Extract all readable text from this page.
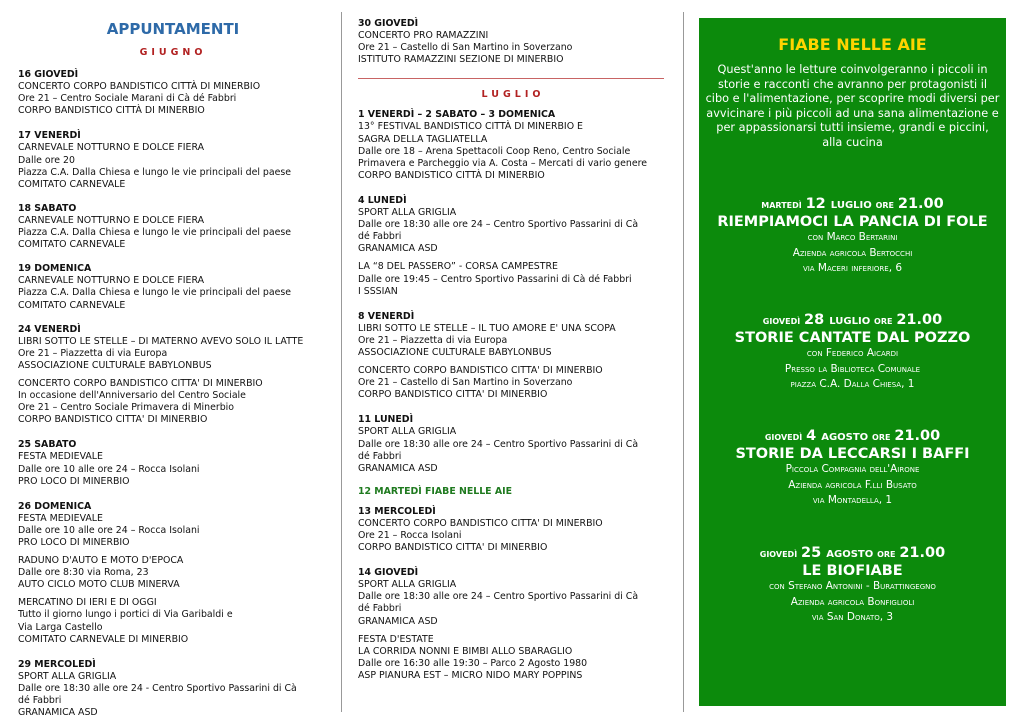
APPUNTAMENTI
GIUGNO
16 GIOVEDÌ
CONCERTO CORPO BANDISTICO CITTÀ DI MINERBIO
Ore 21 – Centro Sociale Marani di Cà dé Fabbri
CORPO BANDISTICO CITTÀ DI MINERBIO
17 VENERDÌ
CARNEVALE NOTTURNO E DOLCE FIERA
Dalle ore 20
Piazza C.A. Dalla Chiesa e lungo le vie principali del paese
COMITATO CARNEVALE
18 SABATO
CARNEVALE NOTTURNO E DOLCE FIERA
Piazza C.A. Dalla Chiesa e lungo le vie principali del paese
COMITATO CARNEVALE
19 DOMENICA
CARNEVALE NOTTURNO E DOLCE FIERA
Piazza C.A. Dalla Chiesa e lungo le vie principali del paese
COMITATO CARNEVALE
24 VENERDÌ
LIBRI SOTTO LE STELLE – DI MATERNO AVEVO SOLO IL LATTE
Ore 21 – Piazzetta di via Europa
ASSOCIAZIONE CULTURALE BABYLONBUS
CONCERTO CORPO BANDISTICO CITTA' DI MINERBIO
In occasione dell'Anniversario del Centro Sociale
Ore 21 – Centro Sociale Primavera di Minerbio
CORPO BANDISTICO CITTA' DI MINERBIO
25 SABATO
FESTA MEDIEVALE
Dalle ore 10 alle ore 24 – Rocca Isolani
PRO LOCO DI MINERBIO
26 DOMENICA
FESTA MEDIEVALE
Dalle ore 10 alle ore 24 – Rocca Isolani
PRO LOCO DI MINERBIO
RADUNO D'AUTO E MOTO D'EPOCA
Dalle ore 8:30 via Roma, 23
AUTO CICLO MOTO CLUB MINERVA
MERCATINO DI IERI E DI OGGI
Tutto il giorno lungo i portici di Via Garibaldi e
Via Larga Castello
COMITATO CARNEVALE DI MINERBIO
29 MERCOLEDÌ
SPORT ALLA GRIGLIA
Dalle ore 18:30 alle ore 24 - Centro Sportivo Passarini di Cà
dé Fabbri
GRANAMICA ASD
30 GIOVEDÌ
CONCERTO PRO RAMAZZINI
Ore 21 – Castello di San Martino in Soverzano
ISTITUTO RAMAZZINI SEZIONE DI MINERBIO
LUGLIO
1 VENERDÌ – 2 SABATO – 3 DOMENICA
13° FESTIVAL BANDISTICO CITTÀ DI MINERBIO E
SAGRA DELLA TAGLIATELLA
Dalle ore 18 – Arena Spettacoli Coop Reno, Centro Sociale
Primavera e Parcheggio via A. Costa – Mercati di vario genere
CORPO BANDISTICO CITTÀ DI MINERBIO
4 LUNEDÌ
SPORT ALLA GRIGLIA
Dalle ore 18:30 alle ore 24 – Centro Sportivo Passarini di Cà
dé Fabbri
GRANAMICA ASD
LA “8 DEL PASSERO” - CORSA CAMPESTRE
Dalle ore 19:45 – Centro Sportivo Passarini di Cà dé Fabbri
I SSSIAN
8 VENERDÌ
LIBRI SOTTO LE STELLE – IL TUO AMORE E' UNA SCOPA
Ore 21 – Piazzetta di via Europa
ASSOCIAZIONE CULTURALE BABYLONBUS
CONCERTO CORPO BANDISTICO CITTA' DI MINERBIO
Ore 21 – Castello di San Martino in Soverzano
CORPO BANDISTICO CITTA' DI MINERBIO
11 LUNEDÌ
SPORT ALLA GRIGLIA
Dalle ore 18:30 alle ore 24 – Centro Sportivo Passarini di Cà
dé Fabbri
GRANAMICA ASD
12 MARTEDÌ FIABE NELLE AIE
13 MERCOLEDÌ
CONCERTO CORPO BANDISTICO CITTA' DI MINERBIO
Ore 21 – Rocca Isolani
CORPO BANDISTICO CITTA' DI MINERBIO
14 GIOVEDÌ
SPORT ALLA GRIGLIA
Dalle ore 18:30 alle ore 24 – Centro Sportivo Passarini di Cà
dé Fabbri
GRANAMICA ASD
FESTA D'ESTATE
LA CORRIDA NONNI E BIMBI ALLO SBARAGLIO
Dalle ore 16:30 alle 19:30 – Parco 2 Agosto 1980
ASP PIANURA EST – MICRO NIDO MARY POPPINS
FIABE NELLE AIE
Quest'anno le letture coinvolgeranno i piccoli in storie e racconti che avranno per protagonisti il cibo e l'alimentazione, per scoprire modi diversi per avvicinare i più piccoli ad una sana alimentazione e per appassionarsi tutti insieme, grandi e piccini, alla cucina
martedì 12 luglio ore 21.00
RIEMPIAMOCI LA PANCIA DI FOLE
con Marco Bertarini
Azienda agricola Bertocchi
via Maceri inferiore, 6
giovedì 28 luglio ore 21.00
STORIE CANTATE DAL POZZO
con Federico Aicardi
Presso la Biblioteca Comunale
piazza C.A. Dalla Chiesa, 1
giovedì 4 agosto ore 21.00
STORIE DA LECCARSI I BAFFI
Piccola Compagnia dell'Airone
Azienda agricola F.lli Busato
via Montadella, 1
giovedì 25 agosto ore 21.00
LE BIOFIABE
con Stefano Antonini - Burattingegno
Azienda agricola Bonfiglioli
via San Donato, 3
